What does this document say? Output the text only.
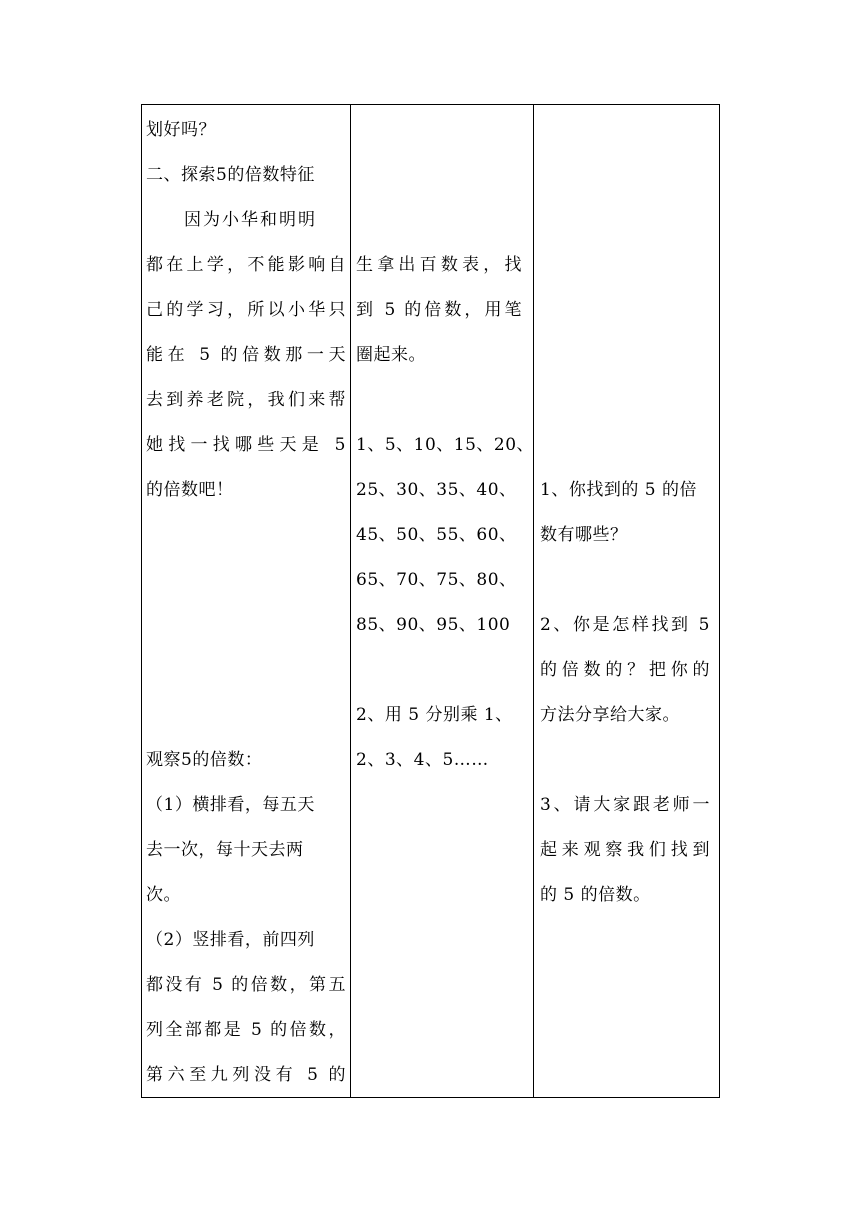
划好吗？
二、探索5的倍数特征
因为小华和明明
都在上学，不能影响自
己的学习，所以小华只
能在 5 的倍数那一天
去到养老院，我们来帮
她找一找哪些天是 5
的倍数吧！
观察5的倍数：
（1）横排看，每五天
去一次，每十天去两
次。
（2）竖排看，前四列
都没有 5 的倍数，第五
列全部都是 5 的倍数，
第六至九列没有 5 的
生拿出百数表，找
到 5 的倍数，用笔
圈起来。
1、5、10、15、20、
25、30、35、40、
45、50、55、60、
65、70、75、80、
85、90、95、100
2、用 5 分别乘 1、
2、3、4、5……
1、你找到的 5 的倍
数有哪些？
2、你是怎样找到 5
的倍数的？把你的
方法分享给大家。
3、请大家跟老师一
起来观察我们找到
的 5 的倍数。
